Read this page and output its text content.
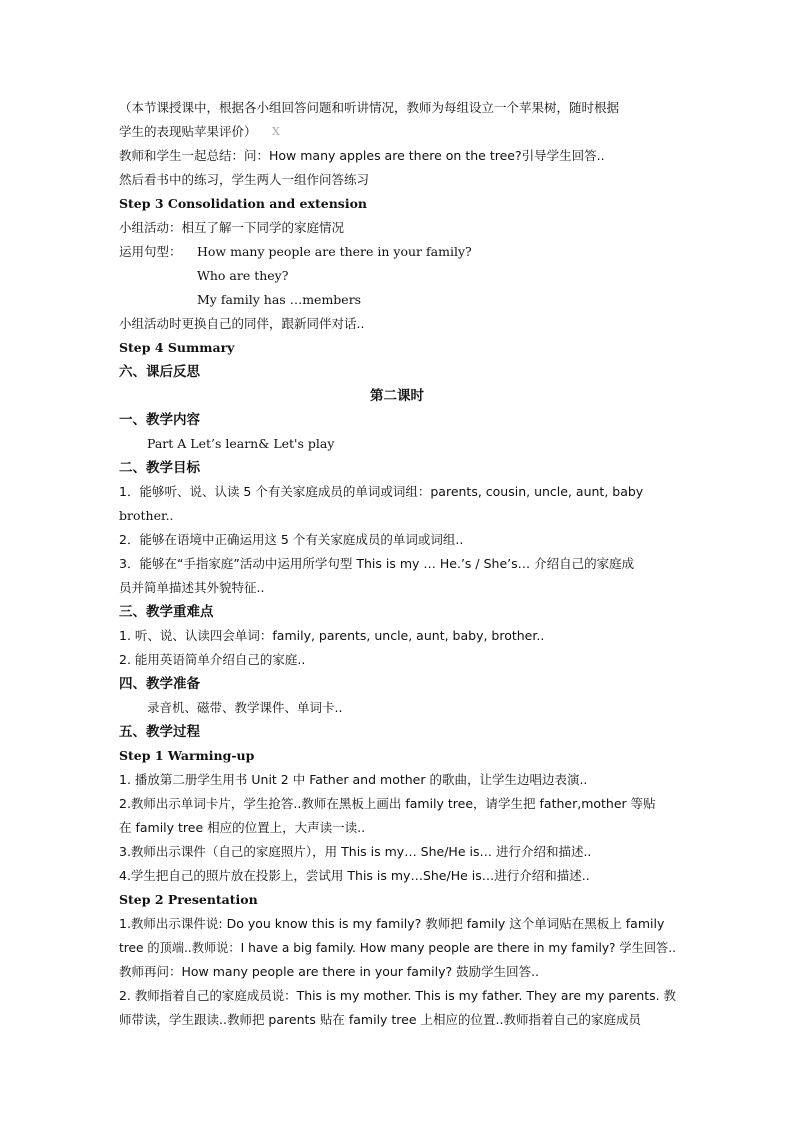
（本节课授课中，根据各小组回答问题和听讲情况，教师为每组设立一个苹果树，随时根据
学生的表现贴苹果评价） X
教师和学生一起总结：问：How many apples are there on the tree?引导学生回答..
然后看书中的练习，学生两人一组作问答练习
Step 3 Consolidation and extension
小组活动：相互了解一下同学的家庭情况
运用句型： How many people are there in your family?
Who are they?
My family has …members
小组活动时更换自己的同伴，跟新同伴对话..
Step 4 Summary
六、课后反思
第二课时
一、教学内容
Part A Let’s learn& Let's play
二、教学目标
1．能够听、说、认读 5 个有关家庭成员的单词或词组：parents, cousin, uncle, aunt, baby
brother..
2．能够在语境中正确运用这 5 个有关家庭成员的单词或词组..
3．能够在“手指家庭”活动中运用所学句型 This is my … He.’s / She’s… 介绍自己的家庭成
员并简单描述其外貌特征..
三、教学重难点
1. 听、说、认读四会单词：family, parents, uncle, aunt, baby, brother..
2. 能用英语简单介绍自己的家庭..
四、教学准备
录音机、磁带、教学课件、单词卡..
五、教学过程
Step 1 Warming-up
1. 播放第二册学生用书 Unit 2 中 Father and mother 的歌曲，让学生边唱边表演..
2.教师出示单词卡片，学生抢答..教师在黑板上画出 family tree，请学生把 father,mother 等贴
在 family tree 相应的位置上，大声读一读..
3.教师出示课件（自己的家庭照片），用 This is my… She/He is… 进行介绍和描述..
4.学生把自己的照片放在投影上，尝试用 This is my…She/He is…进行介绍和描述..
Step 2 Presentation
1.教师出示课件说: Do you know this is my family? 教师把 family 这个单词贴在黑板上 family
tree 的顶端..教师说：I have a big family. How many people are there in my family? 学生回答..
教师再问：How many people are there in your family? 鼓励学生回答..
2. 教师指着自己的家庭成员说：This is my mother. This is my father. They are my parents. 教
师带读，学生跟读..教师把 parents 贴在 family tree 上相应的位置..教师指着自己的家庭成员
